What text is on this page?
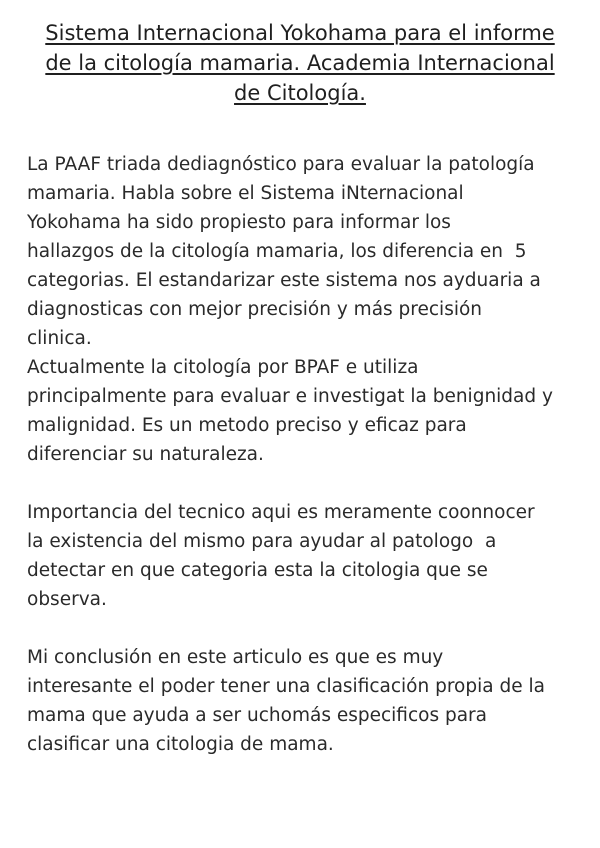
Sistema Internacional Yokohama para el informe
de la citología mamaria. Academia Internacional
de Citología.

La PAAF triada dediagnóstico para evaluar la patología
mamaria. Habla sobre el Sistema iNternacional
Yokohama ha sido propiesto para informar los
hallazgos de la citología mamaria, los diferencia en  5
categorias. El estandarizar este sistema nos ayduaria a
diagnosticas con mejor precisión y más precisión
clinica.

Actualmente la citología por BPAF e utiliza
principalmente para evaluar e investigat la benignidad y
malignidad. Es un metodo preciso y eficaz para
diferenciar su naturaleza.

Importancia del tecnico aqui es meramente coonnocer
la existencia del mismo para ayudar al patologo  a
detectar en que categoria esta la citologia que se
observa.

Mi conclusión en este articulo es que es muy
interesante el poder tener una clasificación propia de la
mama que ayuda a ser uchomás especificos para
clasificar una citologia de mama.
